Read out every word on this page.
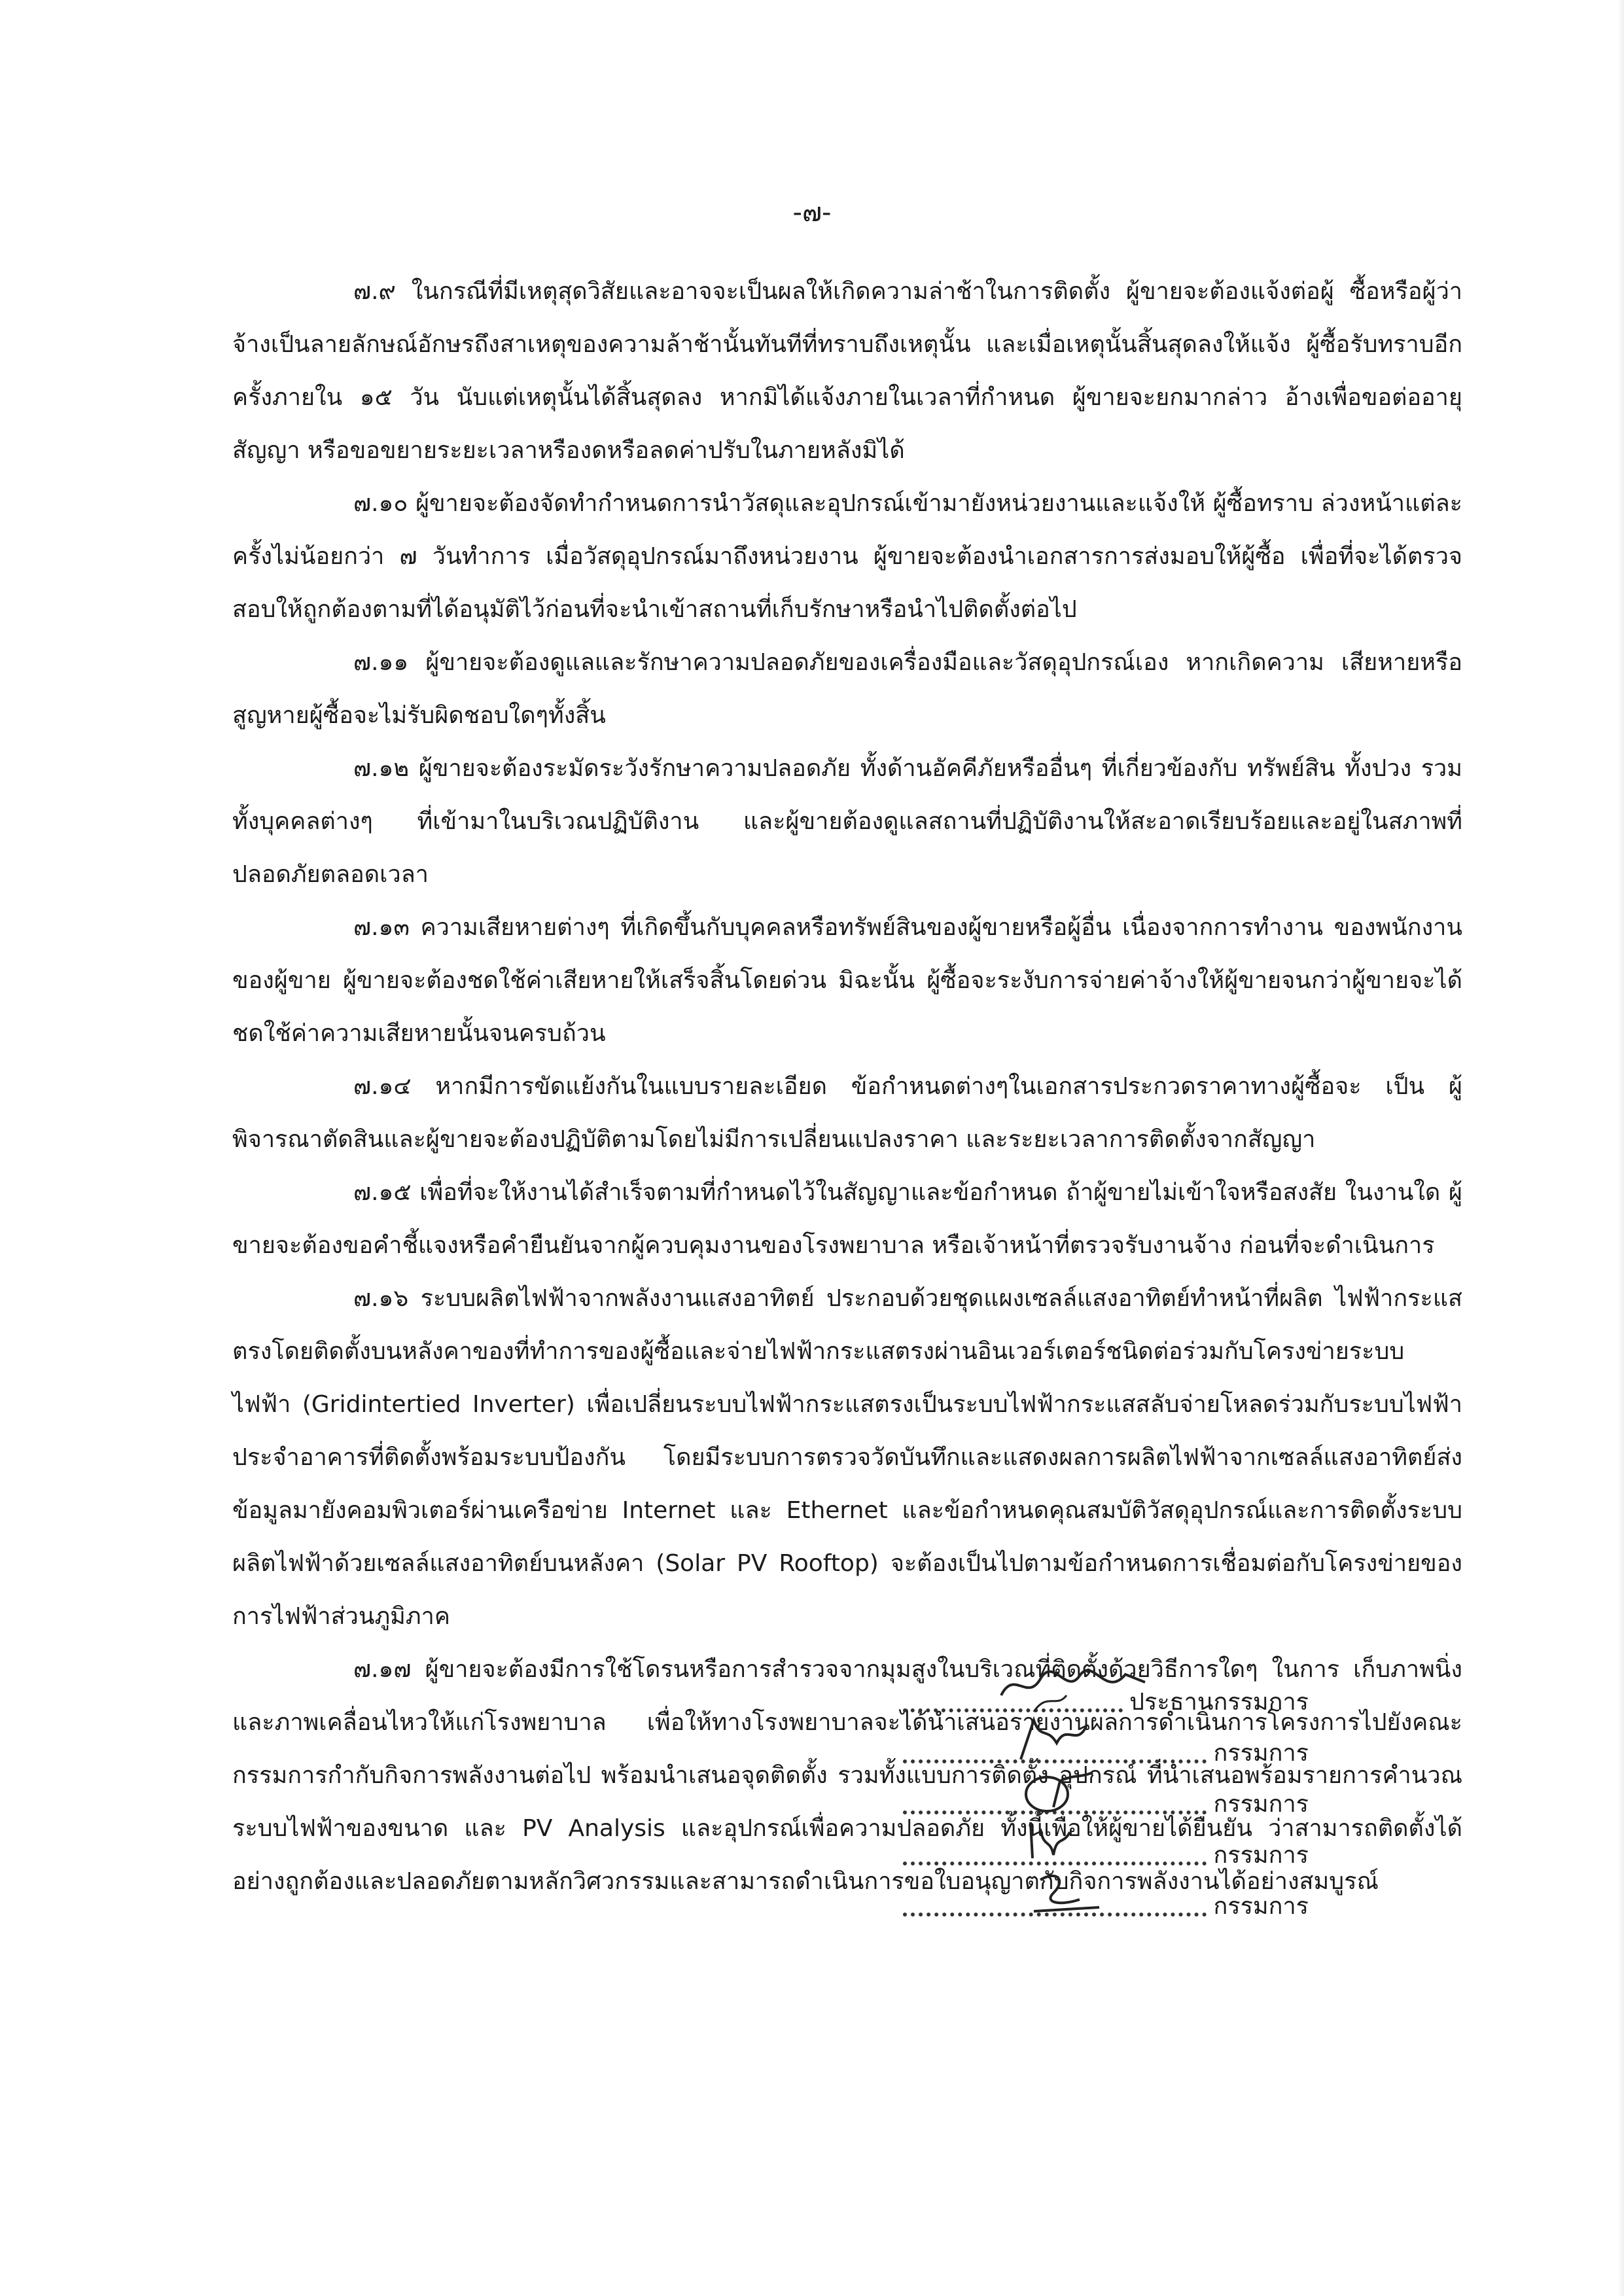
-๗-

๗.๙ ในกรณีที่มีเหตุสุดวิสัยและอาจจะเป็นผลให้เกิดความล่าช้าในการติดตั้ง ผู้ขายจะต้องแจ้งต่อผู้ ซื้อหรือผู้ว่าจ้างเป็นลายลักษณ์อักษรถึงสาเหตุของความล้าช้านั้นทันทีที่ทราบถึงเหตุนั้น และเมื่อเหตุนั้นสิ้นสุดลงให้แจ้ง ผู้ซื้อรับทราบอีกครั้งภายใน ๑๕ วัน นับแต่เหตุนั้นได้สิ้นสุดลง หากมิได้แจ้งภายในเวลาที่กำหนด ผู้ขายจะยกมากล่าว อ้างเพื่อขอต่ออายุสัญญา หรือขอขยายระยะเวลาหรืองดหรือลดค่าปรับในภายหลังมิได้

๗.๑๐ ผู้ขายจะต้องจัดทำกำหนดการนำวัสดุและอุปกรณ์เข้ามายังหน่วยงานและแจ้งให้ ผู้ซื้อทราบ ล่วงหน้าแต่ละครั้งไม่น้อยกว่า ๗ วันทำการ เมื่อวัสดุอุปกรณ์มาถึงหน่วยงาน ผู้ขายจะต้องนำเอกสารการส่งมอบให้ผู้ซื้อ เพื่อที่จะได้ตรวจสอบให้ถูกต้องตามที่ได้อนุมัติไว้ก่อนที่จะนำเข้าสถานที่เก็บรักษาหรือนำไปติดตั้งต่อไป

๗.๑๑ ผู้ขายจะต้องดูแลและรักษาความปลอดภัยของเครื่องมือและวัสดุอุปกรณ์เอง หากเกิดความ เสียหายหรือสูญหายผู้ซื้อจะไม่รับผิดชอบใดๆทั้งสิ้น

๗.๑๒ ผู้ขายจะต้องระมัดระวังรักษาความปลอดภัย ทั้งด้านอัคคีภัยหรืออื่นๆ ที่เกี่ยวข้องกับ ทรัพย์สิน ทั้งปวง รวมทั้งบุคคลต่างๆ ที่เข้ามาในบริเวณปฏิบัติงาน และผู้ขายต้องดูแลสถานที่ปฏิบัติงานให้สะอาดเรียบร้อยและอยู่ในสภาพที่ปลอดภัยตลอดเวลา

๗.๑๓ ความเสียหายต่างๆ ที่เกิดขึ้นกับบุคคลหรือทรัพย์สินของผู้ขายหรือผู้อื่น เนื่องจากการทำงาน ของพนักงานของผู้ขาย ผู้ขายจะต้องชดใช้ค่าเสียหายให้เสร็จสิ้นโดยด่วน มิฉะนั้น ผู้ซื้อจะระงับการจ่ายค่าจ้างให้ผู้ขายจนกว่าผู้ขายจะได้ชดใช้ค่าความเสียหายนั้นจนครบถ้วน

๗.๑๔ หากมีการขัดแย้งกันในแบบรายละเอียด ข้อกำหนดต่างๆในเอกสารประกวดราคาทางผู้ซื้อจะ เป็น ผู้พิจารณาตัดสินและผู้ขายจะต้องปฏิบัติตามโดยไม่มีการเปลี่ยนแปลงราคา และระยะเวลาการติดตั้งจากสัญญา

๗.๑๕ เพื่อที่จะให้งานได้สำเร็จตามที่กำหนดไว้ในสัญญาและข้อกำหนด ถ้าผู้ขายไม่เข้าใจหรือสงสัย ในงานใด ผู้ขายจะต้องขอคำชี้แจงหรือคำยืนยันจากผู้ควบคุมงานของโรงพยาบาล หรือเจ้าหน้าที่ตรวจรับงานจ้าง ก่อนที่จะดำเนินการ

๗.๑๖ ระบบผลิตไฟฟ้าจากพลังงานแสงอาทิตย์ ประกอบด้วยชุดแผงเซลล์แสงอาทิตย์ทำหน้าที่ผลิต ไฟฟ้ากระแสตรงโดยติดตั้งบนหลังคาของที่ทำการของผู้ซื้อและจ่ายไฟฟ้ากระแสตรงผ่านอินเวอร์เตอร์ชนิดต่อร่วมกับโครงข่ายระบบไฟฟ้า (Gridintertied Inverter) เพื่อเปลี่ยนระบบไฟฟ้ากระแสตรงเป็นระบบไฟฟ้ากระแสสลับจ่ายโหลดร่วมกับระบบไฟฟ้าประจำอาคารที่ติดตั้งพร้อมระบบป้องกัน โดยมีระบบการตรวจวัดบันทึกและแสดงผลการผลิตไฟฟ้าจากเซลล์แสงอาทิตย์ส่งข้อมูลมายังคอมพิวเตอร์ผ่านเครือข่าย Internet และ Ethernet และข้อกำหนดคุณสมบัติวัสดุอุปกรณ์และการติดตั้งระบบผลิตไฟฟ้าด้วยเซลล์แสงอาทิตย์บนหลังคา (Solar PV Rooftop) จะต้องเป็นไปตามข้อกำหนดการเชื่อมต่อกับโครงข่ายของการไฟฟ้าส่วนภูมิภาค

๗.๑๗ ผู้ขายจะต้องมีการใช้โดรนหรือการสำรวจจากมุมสูงในบริเวณที่ติดตั้งด้วยวิธีการใดๆ ในการ เก็บภาพนิ่งและภาพเคลื่อนไหวให้แก่โรงพยาบาล เพื่อให้ทางโรงพยาบาลจะได้นำเสนอรายงานผลการดำเนินการโครงการไปยังคณะกรรมการกำกับกิจการพลังงานต่อไป พร้อมนำเสนอจุดติดตั้ง รวมทั้งแบบการติดตั้ง อุปกรณ์ ที่นำเสนอพร้อมรายการคำนวณระบบไฟฟ้าของขนาด และ PV Analysis และอุปกรณ์เพื่อความปลอดภัย ทั้งนี้เพื่อให้ผู้ขายได้ยืนยัน ว่าสามารถติดตั้งได้อย่างถูกต้องและปลอดภัยตามหลักวิศวกรรมและสามารถดำเนินการขอใบอนุญาตกับกิจการพลังงานได้อย่างสมบูรณ์

ประธานกรรมการ
กรรมการ
กรรมการ
กรรมการ
กรรมการ
